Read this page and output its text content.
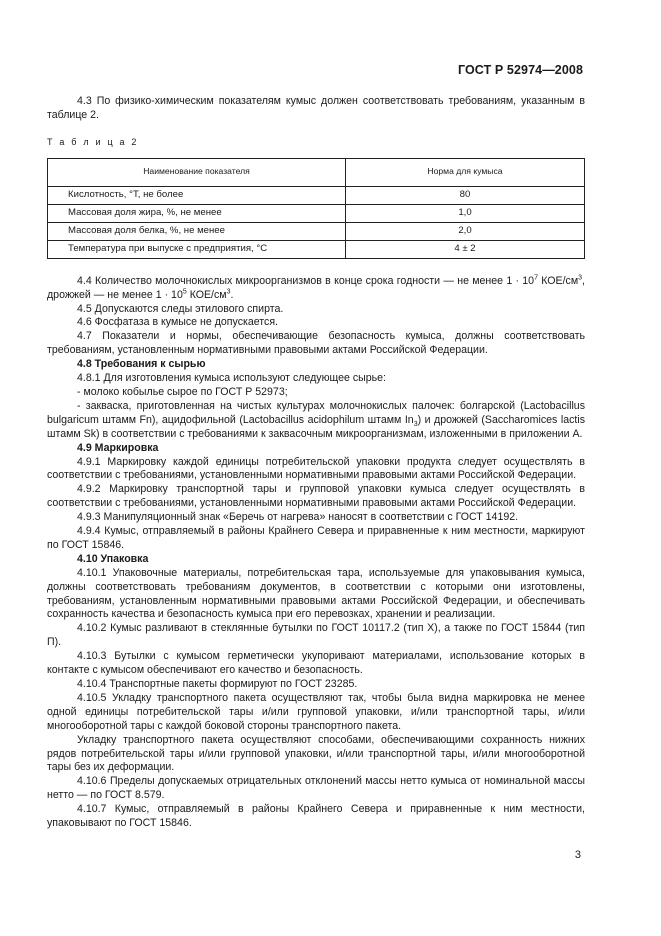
ГОСТ Р 52974—2008

4.3 По физико-химическим показателям кумыс должен соответствовать требованиям, указанным в таблице 2.

Т а б л и ц а 2
Наименование показателя	Норма для кумыса
Кислотность, °Т, не более	80
Массовая доля жира, %, не менее	1,0
Массовая доля белка, %, не менее	2,0
Температура при выпуске с предприятия, °С	4 ± 2

4.4 Количество молочнокислых микроорганизмов в конце срока годности — не менее $1 \cdot 10^7$ КОЕ/$см^3$, дрожжей — не менее $1 \cdot 10^5$ КОЕ/$см^3$.

4.5 Допускаются следы этилового спирта.

4.6 Фосфатаза в кумысе не допускается.

4.7 Показатели и нормы, обеспечивающие безопасность кумыса, должны соответствовать требованиям, установленным нормативными правовыми актами Российской Федерации.

4.8 Требования к сырью

4.8.1 Для изготовления кумыса используют следующее сырье:

- молоко кобылье сырое по ГОСТ Р 52973;

- закваска, приготовленная на чистых культурах молочнокислых палочек: болгарской (Lactobacillus bulgaricum штамм Fn), ацидофильной (Lactobacillus acidophilum штамм $In_3$) и дрожжей (Saccharomices lactis штамм Sk) в соответствии с требованиями к заквасочным микроорганизмам, изложенными в приложении А.

4.9 Маркировка

4.9.1 Маркировку каждой единицы потребительской упаковки продукта следует осуществлять в соответствии с требованиями, установленными нормативными правовыми актами Российской Федерации.

4.9.2 Маркировку транспортной тары и групповой упаковки кумыса следует осуществлять в соответствии с требованиями, установленными нормативными правовыми актами Российской Федерации.

4.9.3 Манипуляционный знак «Беречь от нагрева» наносят в соответствии с ГОСТ 14192.

4.9.4 Кумыс, отправляемый в районы Крайнего Севера и приравненные к ним местности, маркируют по ГОСТ 15846.

4.10 Упаковка

4.10.1 Упаковочные материалы, потребительская тара, используемые для упаковывания кумыса, должны соответствовать требованиям документов, в соответствии с которыми они изготовлены, требованиям, установленным нормативными правовыми актами Российской Федерации, и обеспечивать сохранность качества и безопасность кумыса при его перевозках, хранении и реализации.

4.10.2 Кумыс разливают в стеклянные бутылки по ГОСТ 10117.2 (тип X), а также по ГОСТ 15844 (тип П).

4.10.3 Бутылки с кумысом герметически укупоривают материалами, использование которых в контакте с кумысом обеспечивают его качество и безопасность.

4.10.4 Транспортные пакеты формируют по ГОСТ 23285.

4.10.5 Укладку транспортного пакета осуществляют так, чтобы была видна маркировка не менее одной единицы потребительской тары и/или групповой упаковки, и/или транспортной тары, и/или многооборотной тары с каждой боковой стороны транспортного пакета.

Укладку транспортного пакета осуществляют способами, обеспечивающими сохранность нижних рядов потребительской тары и/или групповой упаковки, и/или транспортной тары, и/или многооборотной тары без их деформации.

4.10.6 Пределы допускаемых отрицательных отклонений массы нетто кумыса от номинальной массы нетто — по ГОСТ 8.579.

4.10.7 Кумыс, отправляемый в районы Крайнего Севера и приравненные к ним местности, упаковывают по ГОСТ 15846.

3
